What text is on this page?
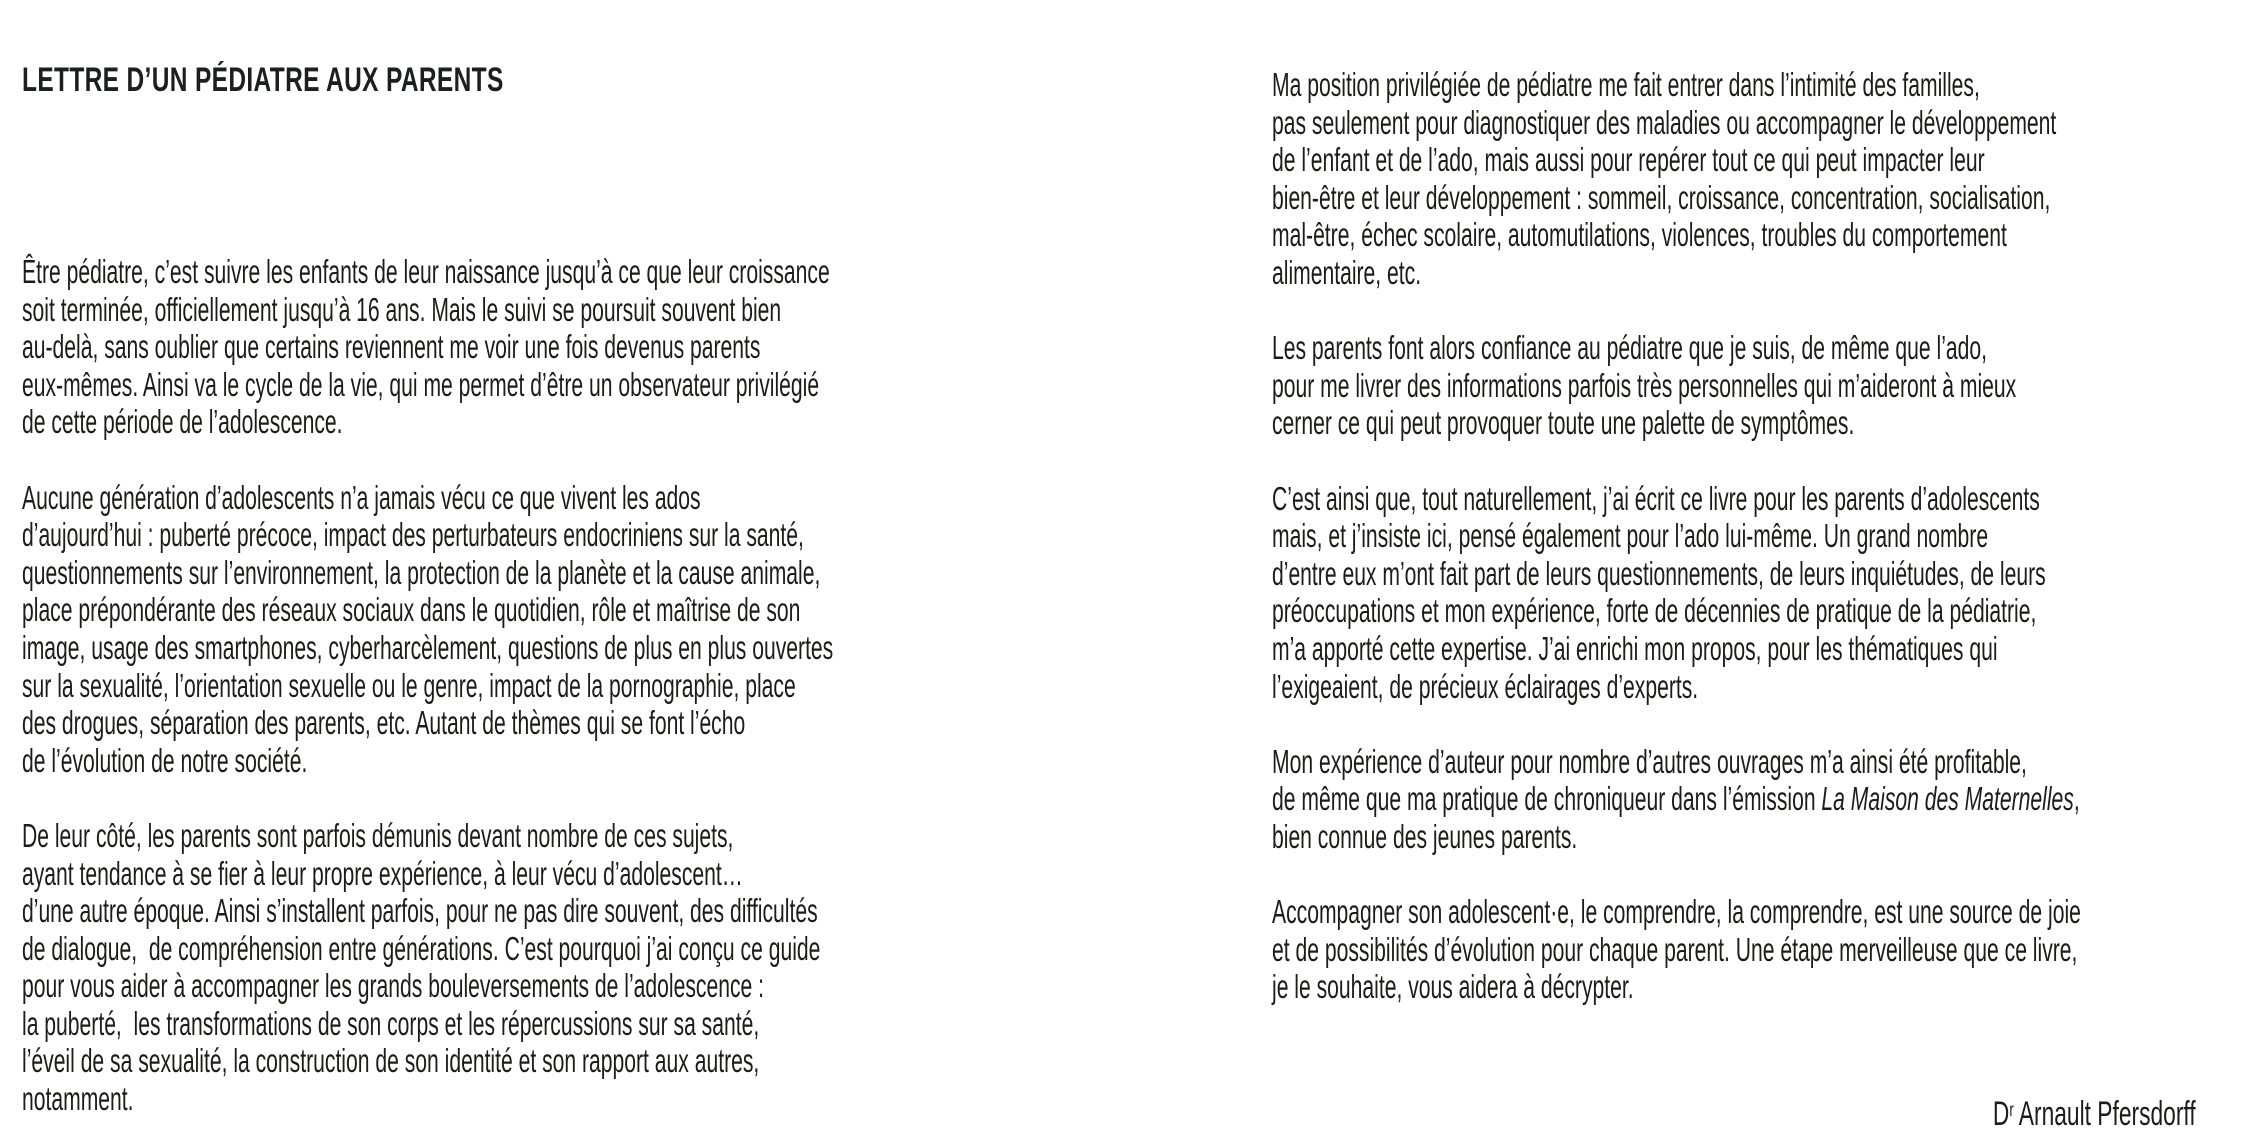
LETTRE D’UN PÉDIATRE AUX PARENTS

Être pédiatre, c’est suivre les enfants de leur naissance jusqu’à ce que leur croissance
soit terminée, officiellement jusqu’à 16 ans. Mais le suivi se poursuit souvent bien
au-delà, sans oublier que certains reviennent me voir une fois devenus parents
eux-mêmes. Ainsi va le cycle de la vie, qui me permet d’être un observateur privilégié
de cette période de l’adolescence.

Aucune génération d’adolescents n’a jamais vécu ce que vivent les ados
d’aujourd’hui : puberté précoce, impact des perturbateurs endocriniens sur la santé,
questionnements sur l’environnement, la protection de la planète et la cause animale,
place prépondérante des réseaux sociaux dans le quotidien, rôle et maîtrise de son
image, usage des smartphones, cyberharcèlement, questions de plus en plus ouvertes
sur la sexualité, l’orientation sexuelle ou le genre, impact de la pornographie, place
des drogues, séparation des parents, etc. Autant de thèmes qui se font l’écho
de l’évolution de notre société.

De leur côté, les parents sont parfois démunis devant nombre de ces sujets,
ayant tendance à se fier à leur propre expérience, à leur vécu d’adolescent…
d’une autre époque. Ainsi s’installent parfois, pour ne pas dire souvent, des difficultés
de dialogue,  de compréhension entre générations. C’est pourquoi j’ai conçu ce guide
pour vous aider à accompagner les grands bouleversements de l’adolescence :
la puberté,  les transformations de son corps et les répercussions sur sa santé,
l’éveil de sa sexualité, la construction de son identité et son rapport aux autres,
notamment.

Ma position privilégiée de pédiatre me fait entrer dans l’intimité des familles,
pas seulement pour diagnostiquer des maladies ou accompagner le développement
de l’enfant et de l’ado, mais aussi pour repérer tout ce qui peut impacter leur
bien-être et leur développement : sommeil, croissance, concentration, socialisation,
mal-être, échec scolaire, automutilations, violences, troubles du comportement
alimentaire, etc.

Les parents font alors confiance au pédiatre que je suis, de même que l’ado,
pour me livrer des informations parfois très personnelles qui m’aideront à mieux
cerner ce qui peut provoquer toute une palette de symptômes.

C’est ainsi que, tout naturellement, j’ai écrit ce livre pour les parents d’adolescents
mais, et j’insiste ici, pensé également pour l’ado lui-même. Un grand nombre
d’entre eux m’ont fait part de leurs questionnements, de leurs inquiétudes, de leurs
préoccupations et mon expérience, forte de décennies de pratique de la pédiatrie,
m’a apporté cette expertise. J’ai enrichi mon propos, pour les thématiques qui
l’exigeaient, de précieux éclairages d’experts.

Mon expérience d’auteur pour nombre d’autres ouvrages m’a ainsi été profitable,
de même que ma pratique de chroniqueur dans l’émission La Maison des Maternelles,
bien connue des jeunes parents.

Accompagner son adolescent·e, le comprendre, la comprendre, est une source de joie
et de possibilités d’évolution pour chaque parent. Une étape merveilleuse que ce livre,
je le souhaite, vous aidera à décrypter.

$D^r$ Arnault Pfersdorff
